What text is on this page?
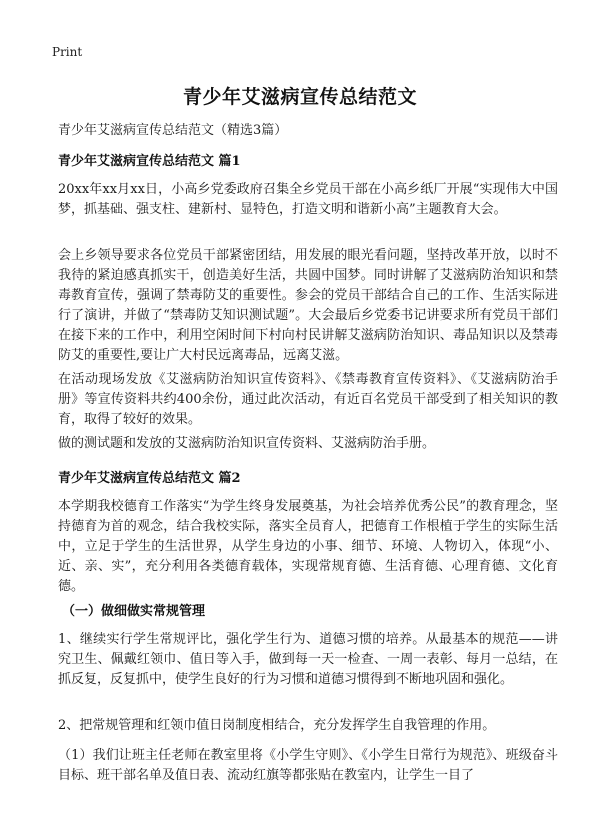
Print
青少年艾滋病宣传总结范文

青少年艾滋病宣传总结范文（精选3篇）

青少年艾滋病宣传总结范文 篇1

20xx年xx月xx日，小高乡党委政府召集全乡党员干部在小高乡纸厂开展“实现伟大中国梦，抓基础、强支柱、建新村、显特色，打造文明和谐新小高”主题教育大会。

会上乡领导要求各位党员干部紧密团结，用发展的眼光看问题，坚持改革开放，以时不我待的紧迫感真抓实干，创造美好生活，共圆中国梦。同时讲解了艾滋病防治知识和禁毒教育宣传，强调了禁毒防艾的重要性。参会的党员干部结合自己的工作、生活实际进行了演讲，并做了“禁毒防艾知识测试题”。大会最后乡党委书记讲要求所有党员干部们在接下来的工作中，利用空闲时间下村向村民讲解艾滋病防治知识、毒品知识以及禁毒防艾的重要性,要让广大村民远离毒品，远离艾滋。

在活动现场发放《艾滋病防治知识宣传资料》、《禁毒教育宣传资料》、《艾滋病防治手册》等宣传资料共约400余份，通过此次活动，有近百名党员干部受到了相关知识的教育，取得了较好的效果。

做的测试题和发放的艾滋病防治知识宣传资料、艾滋病防治手册。

青少年艾滋病宣传总结范文 篇2

本学期我校德育工作落实“为学生终身发展奠基，为社会培养优秀公民”的教育理念，坚持德育为首的观念，结合我校实际，落实全员育人，把德育工作根植于学生的实际生活中，立足于学生的生活世界，从学生身边的小事、细节、环境、人物切入，体现“小、近、亲、实”，充分利用各类德育载体，实现常规育德、生活育德、心理育德、文化育德。

（一）做细做实常规管理

1、继续实行学生常规评比，强化学生行为、道德习惯的培养。从最基本的规范——讲究卫生、佩戴红领巾、值日等入手，做到每一天一检查、一周一表彰、每月一总结，在抓反复，反复抓中，使学生良好的行为习惯和道德习惯得到不断地巩固和强化。

2、把常规管理和红领巾值日岗制度相结合，充分发挥学生自我管理的作用。

（1）我们让班主任老师在教室里将《小学生守则》、《小学生日常行为规范》、班级奋斗目标、班干部名单及值日表、流动红旗等都张贴在教室内，让学生一目了
